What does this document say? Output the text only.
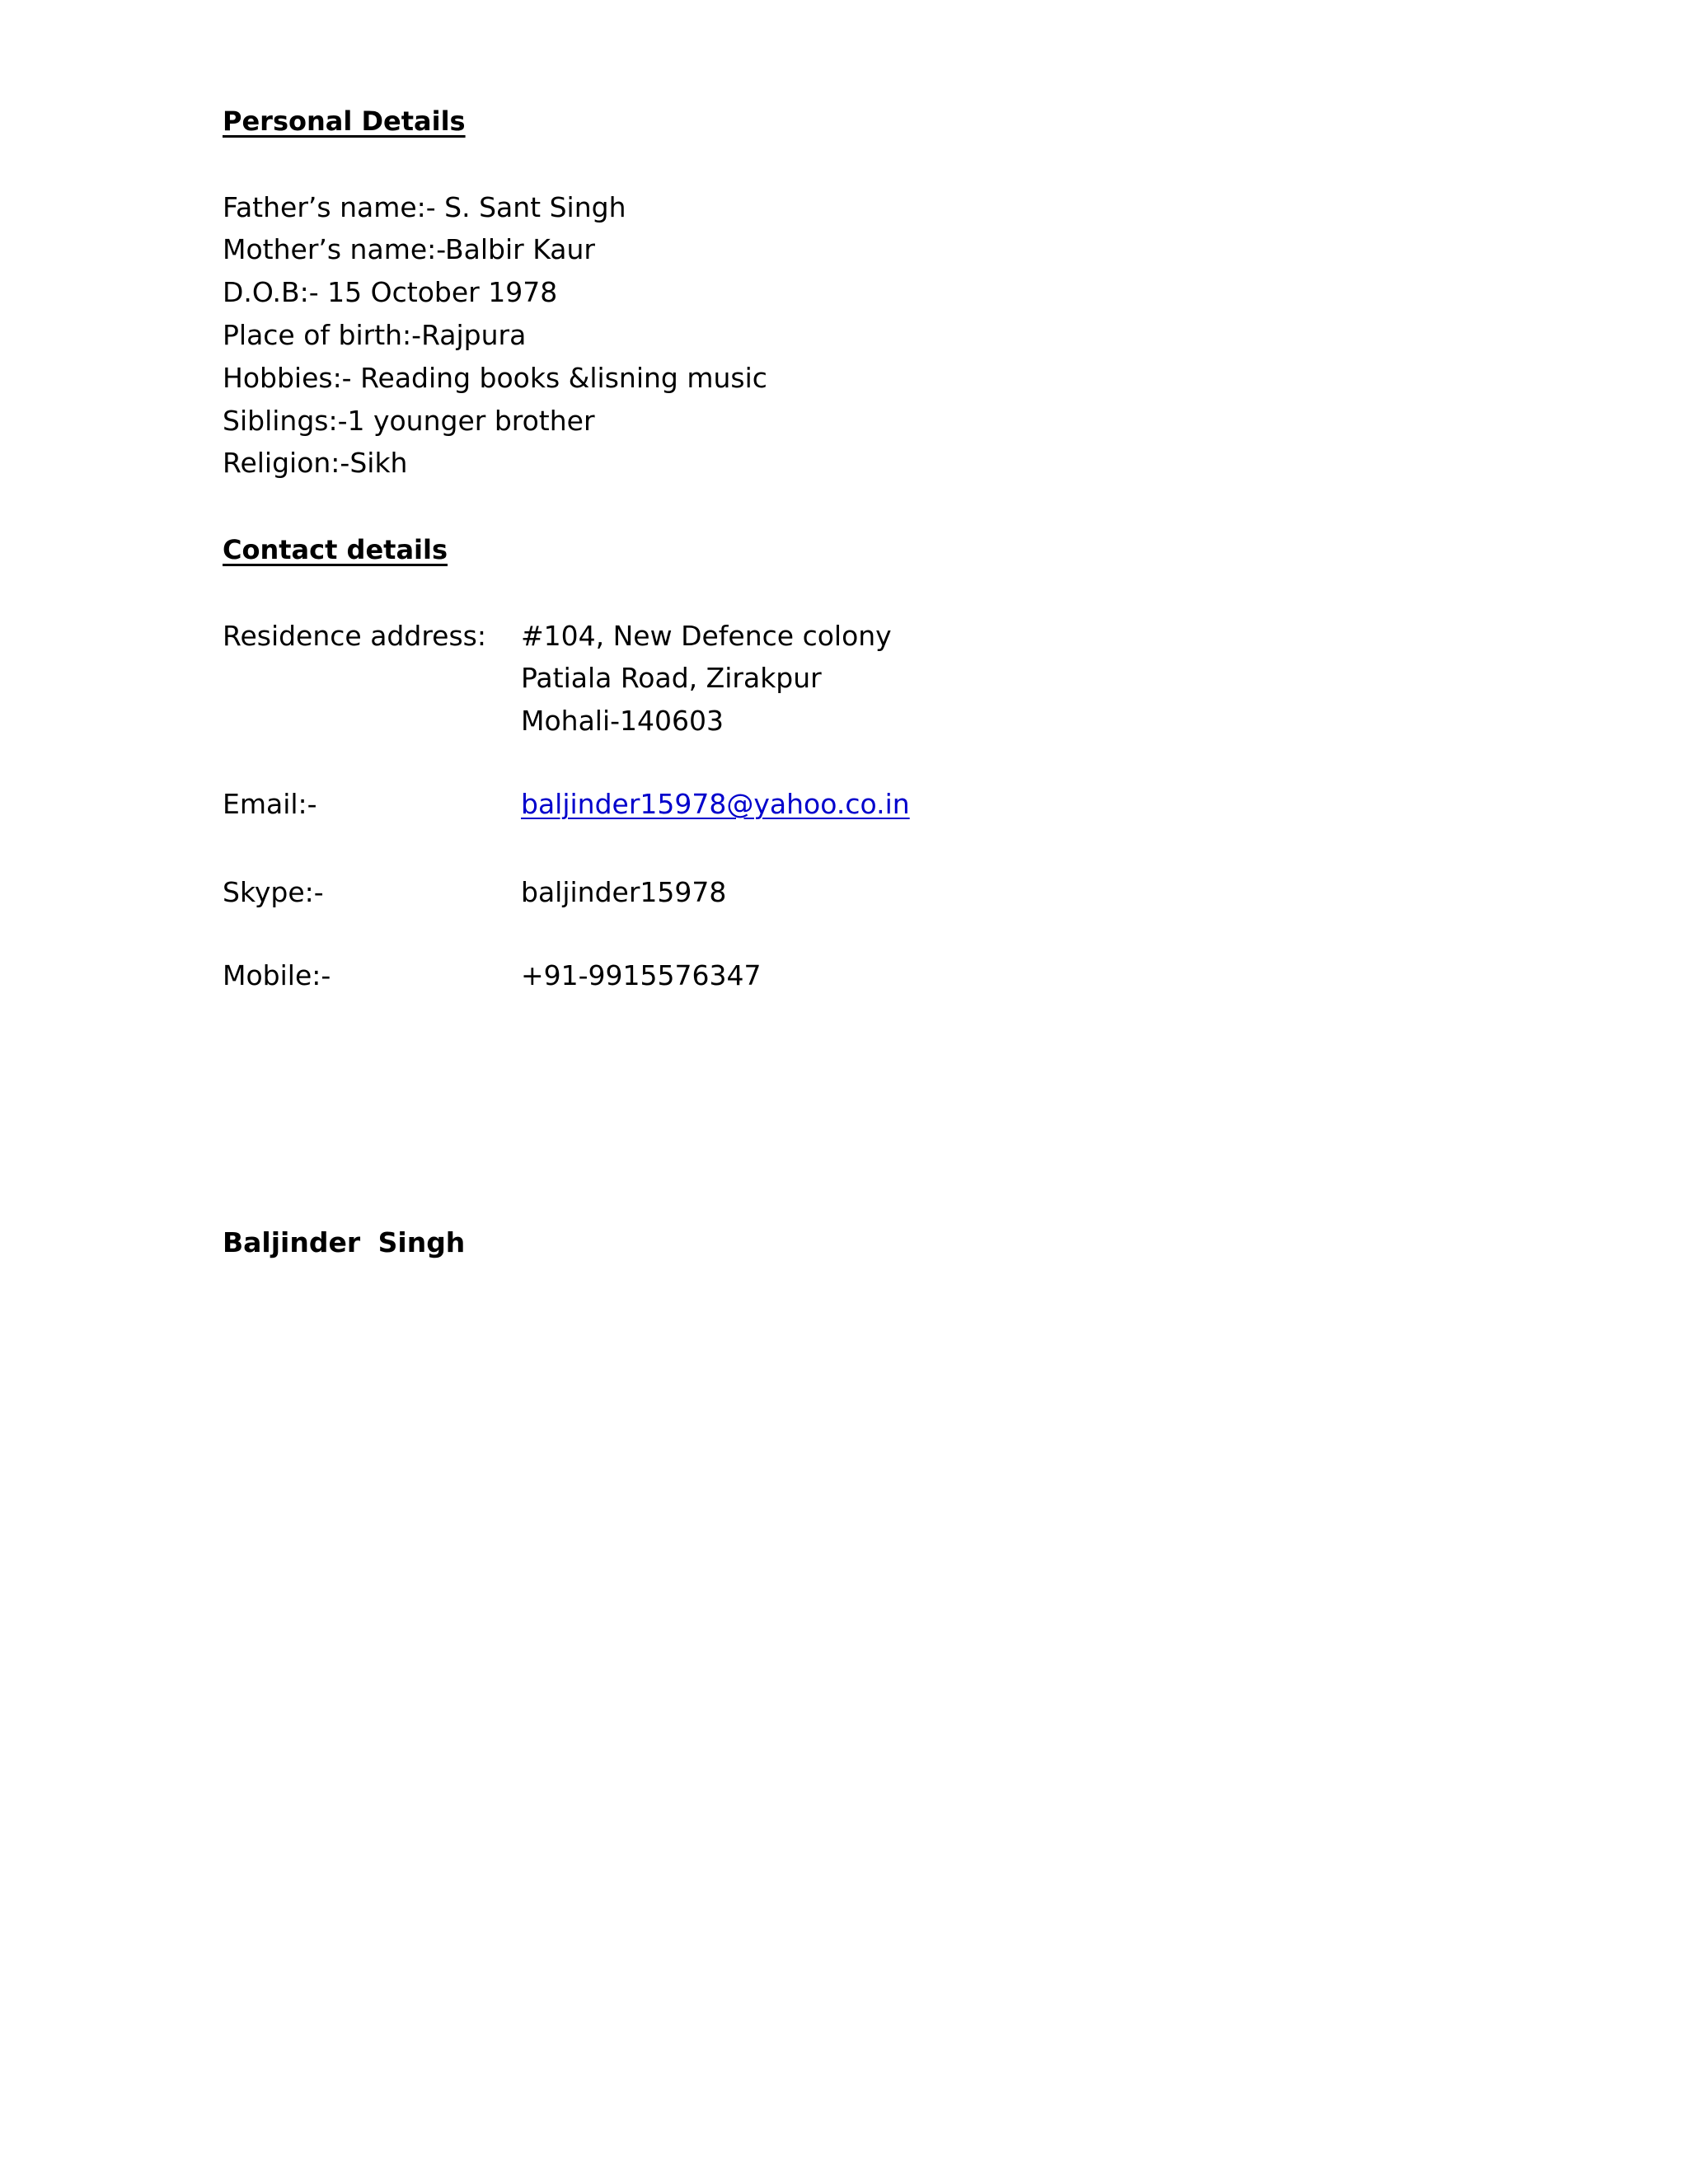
Personal Details
Father’s name:- S. Sant Singh
Mother’s name:-Balbir Kaur
D.O.B:- 15 October 1978
Place of birth:-Rajpura
Hobbies:- Reading books &lisning music
Siblings:-1 younger brother
Religion:-Sikh
Contact details
Residence address: #104, New Defence colony
Patiala Road, Zirakpur
Mohali-140603
Email:-	baljinder15978@yahoo.co.in
Skype:-	baljinder15978
Mobile:-	+91-9915576347
Baljinder Singh
